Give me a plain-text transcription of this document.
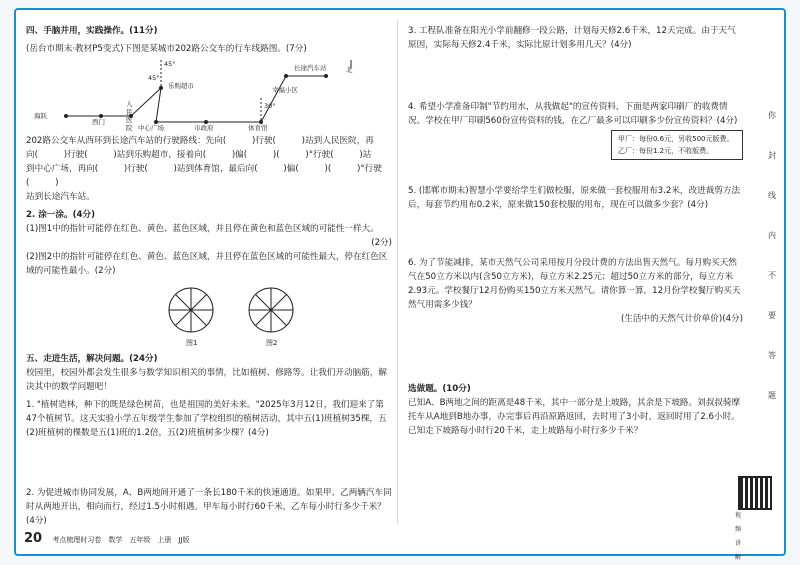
四、手脑并用，实践操作。(11分)

(岳台市期末·教材P5变式)下图是某城市202路公交车的行车线路图。(7分)

海跃
西门
人民医院
乐购超市
长途汽车站
中心广场	市政府	体育馆
幸福小区
北
45°
45°
30°

202路公交车从西环到长途汽车站的行驶路线：先向(　　　)行驶(　　　)站到人民医院，再

向(　　　)行驶(　　　)站到乐购超市，接着向(　　　)偏(　　　)(　　　)°行驶(　　　)站

到中心广场，再向(　　　)行驶(　　　)站到体育馆，最后向(　　　)偏(　　　)(　　　)°行驶(　　　)

站到长途汽车站。

2. 涂一涂。(4分)

(1)图1中的指针可能停在红色、黄色、蓝色区域，并且停在黄色和蓝色区域的可能性一样大。

(2分)

(2)图2中的指针可能停在红色、黄色、蓝色区域，并且停在蓝色区域的可能性最大，停在红色区域的可能性最小。(2分)

图1	图2

五、走进生活，解决问题。(24分)

校园里，校园外都会发生很多与数学知识相关的事情，比如植树、修路等。让我们开动脑筋，解决其中的数学问题吧！

1. "植树造林，种下的既是绿色树苗，也是祖国的美好未来。"2025年3月12日，我们迎来了第47个植树节。这天实验小学五年级学生参加了学校组织的植树活动，其中五(1)班植树35棵，五(2)班植树的棵数是五(1)班的1.2倍，五(2)班植树多少棵？(4分)

2. 为促进城市协同发展，A、B两地间开通了一条长180千米的快速通道。如果甲、乙两辆汽车同时从两地开出，相向而行，经过1.5小时相遇。甲车每小时行60千米，乙车每小时行多少千米？(4分)

3. 工程队准备在阳光小学前翻修一段公路，计划每天修2.6千米，12天完成。由于天气原因，实际每天修2.4千米，实际比原计划多用几天？(4分)

4. 希望小学准备印制"节约用水，从我做起"的宣传资料，下面是两家印刷厂的收费情况。学校在甲厂印刷560份宣传资料的钱，在乙厂最多可以印刷多少份宣传资料？(4分)

甲厂：每份0.6元，另收500元版费。

乙厂：每份1.2元，不收版费。

5. (邯郸市期末)智慧小学要给学生们做校服，原来做一套校服用布3.2米，改进裁剪方法后，每套节约用布0.2米，原来做150套校服的用布，现在可以做多少套？(4分)

6. 为了节能减排，某市天然气公司采用按月分段计费的方法出售天然气。每月购买天然气在50立方米以内(含50立方米)，每立方米2.25元；超过50立方米的部分，每立方米2.93元。学校餐厅12月份购买150立方米天然气。请你算一算，12月份学校餐厅购买天然气用需多少钱？

(生活中的天然气计价单价)(4分)

选做题。(10分)

已知A、B两地之间的距离是48千米，其中一部分是上坡路，其余是下坡路。刘叔叔骑摩托车从A地到B地办事，办完事后再沿原路返回，去时用了3小时，返回时用了2.6小时。已知走下坡路每小时行20千米，走上坡路每小时行多少千米？

视频讲解
你
封
线
内
不
要
答
题
20 考点梳理时习卷　数学　五年级　上册　JJ版
